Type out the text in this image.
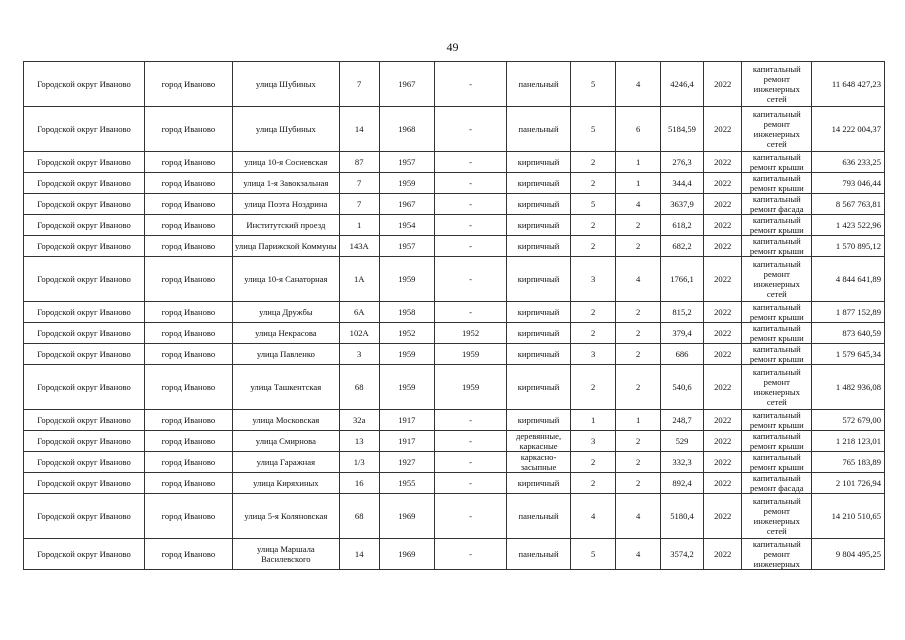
49
Городской округ Иваново	город Иваново	улица Шубиных	7	1967	-	панельный	5	4	4246,4	2022	капитальный ремонт инженерных сетей	11 648 427,23
Городской округ Иваново	город Иваново	улица Шубиных	14	1968	-	панельный	5	6	5184,59	2022	капитальный ремонт инженерных сетей	14 222 004,37
Городской округ Иваново	город Иваново	улица 10-я Сосневская	87	1957	-	кирпичный	2	1	276,3	2022	капитальный ремонт крыши	636 233,25
Городской округ Иваново	город Иваново	улица 1-я Завокзальная	7	1959	-	кирпичный	2	1	344,4	2022	капитальный ремонт крыши	793 046,44
Городской округ Иваново	город Иваново	улица Поэта Ноздрина	7	1967	-	кирпичный	5	4	3637,9	2022	капитальный ремонт фасада	8 567 763,81
Городской округ Иваново	город Иваново	Институтский проезд	1	1954	-	кирпичный	2	2	618,2	2022	капитальный ремонт крыши	1 423 522,96
Городской округ Иваново	город Иваново	улица Парижской Коммуны	143А	1957	-	кирпичный	2	2	682,2	2022	капитальный ремонт крыши	1 570 895,12
Городской округ Иваново	город Иваново	улица 10-я Санаторная	1А	1959	-	кирпичный	3	4	1766,1	2022	капитальный ремонт инженерных сетей	4 844 641,89
Городской округ Иваново	город Иваново	улица Дружбы	6А	1958	-	кирпичный	2	2	815,2	2022	капитальный ремонт крыши	1 877 152,89
Городской округ Иваново	город Иваново	улица Некрасова	102А	1952	1952	кирпичный	2	2	379,4	2022	капитальный ремонт крыши	873 640,59
Городской округ Иваново	город Иваново	улица Павленко	3	1959	1959	кирпичный	3	2	686	2022	капитальный ремонт крыши	1 579 645,34
Городской округ Иваново	город Иваново	улица Ташкентская	68	1959	1959	кирпичный	2	2	540,6	2022	капитальный ремонт инженерных сетей	1 482 936,08
Городской округ Иваново	город Иваново	улица Московская	32а	1917	-	кирпичный	1	1	248,7	2022	капитальный ремонт крыши	572 679,00
Городской округ Иваново	город Иваново	улица Смирнова	13	1917	-	деревянные, каркасные	3	2	529	2022	капитальный ремонт крыши	1 218 123,01
Городской округ Иваново	город Иваново	улица Гаражная	1/3	1927	-	каркасно-засыпные	2	2	332,3	2022	капитальный ремонт крыши	765 183,89
Городской округ Иваново	город Иваново	улица Киряхиных	16	1955	-	кирпичный	2	2	892,4	2022	капитальный ремонт фасада	2 101 726,94
Городской округ Иваново	город Иваново	улица 5-я Коляновская	68	1969	-	панельный	4	4	5180,4	2022	капитальный ремонт инженерных сетей	14 210 510,65
Городской округ Иваново	город Иваново	улица Маршала Василевского	14	1969	-	панельный	5	4	3574,2	2022	капитальный ремонт инженерных	9 804 495,25
